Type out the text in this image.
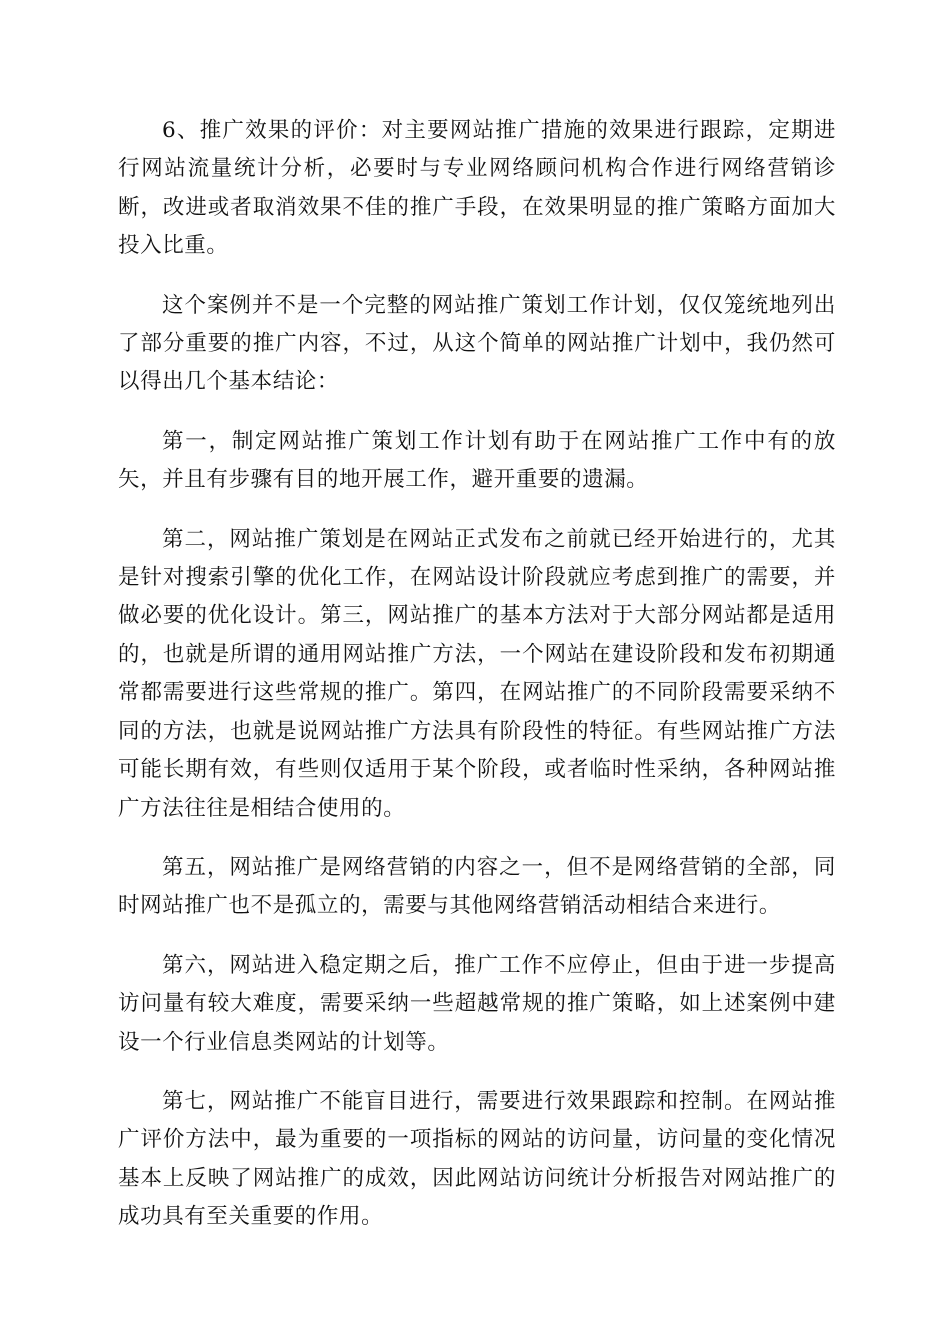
6、推广效果的评价：对主要网站推广措施的效果进行跟踪，定期进行网站流量统计分析，必要时与专业网络顾问机构合作进行网络营销诊断，改进或者取消效果不佳的推广手段，在效果明显的推广策略方面加大投入比重。

这个案例并不是一个完整的网站推广策划工作计划，仅仅笼统地列出了部分重要的推广内容，不过，从这个简单的网站推广计划中，我仍然可以得出几个基本结论：

第一，制定网站推广策划工作计划有助于在网站推广工作中有的放矢，并且有步骤有目的地开展工作，避开重要的遗漏。

第二，网站推广策划是在网站正式发布之前就已经开始进行的，尤其是针对搜索引擎的优化工作，在网站设计阶段就应考虑到推广的需要，并做必要的优化设计。第三，网站推广的基本方法对于大部分网站都是适用的，也就是所谓的通用网站推广方法，一个网站在建设阶段和发布初期通常都需要进行这些常规的推广。第四，在网站推广的不同阶段需要采纳不同的方法，也就是说网站推广方法具有阶段性的特征。有些网站推广方法可能长期有效，有些则仅适用于某个阶段，或者临时性采纳，各种网站推广方法往往是相结合使用的。

第五，网站推广是网络营销的内容之一，但不是网络营销的全部，同时网站推广也不是孤立的，需要与其他网络营销活动相结合来进行。

第六，网站进入稳定期之后，推广工作不应停止，但由于进一步提高访问量有较大难度，需要采纳一些超越常规的推广策略，如上述案例中建设一个行业信息类网站的计划等。

第七，网站推广不能盲目进行，需要进行效果跟踪和控制。在网站推广评价方法中，最为重要的一项指标的网站的访问量，访问量的变化情况基本上反映了网站推广的成效，因此网站访问统计分析报告对网站推广的成功具有至关重要的作用。
